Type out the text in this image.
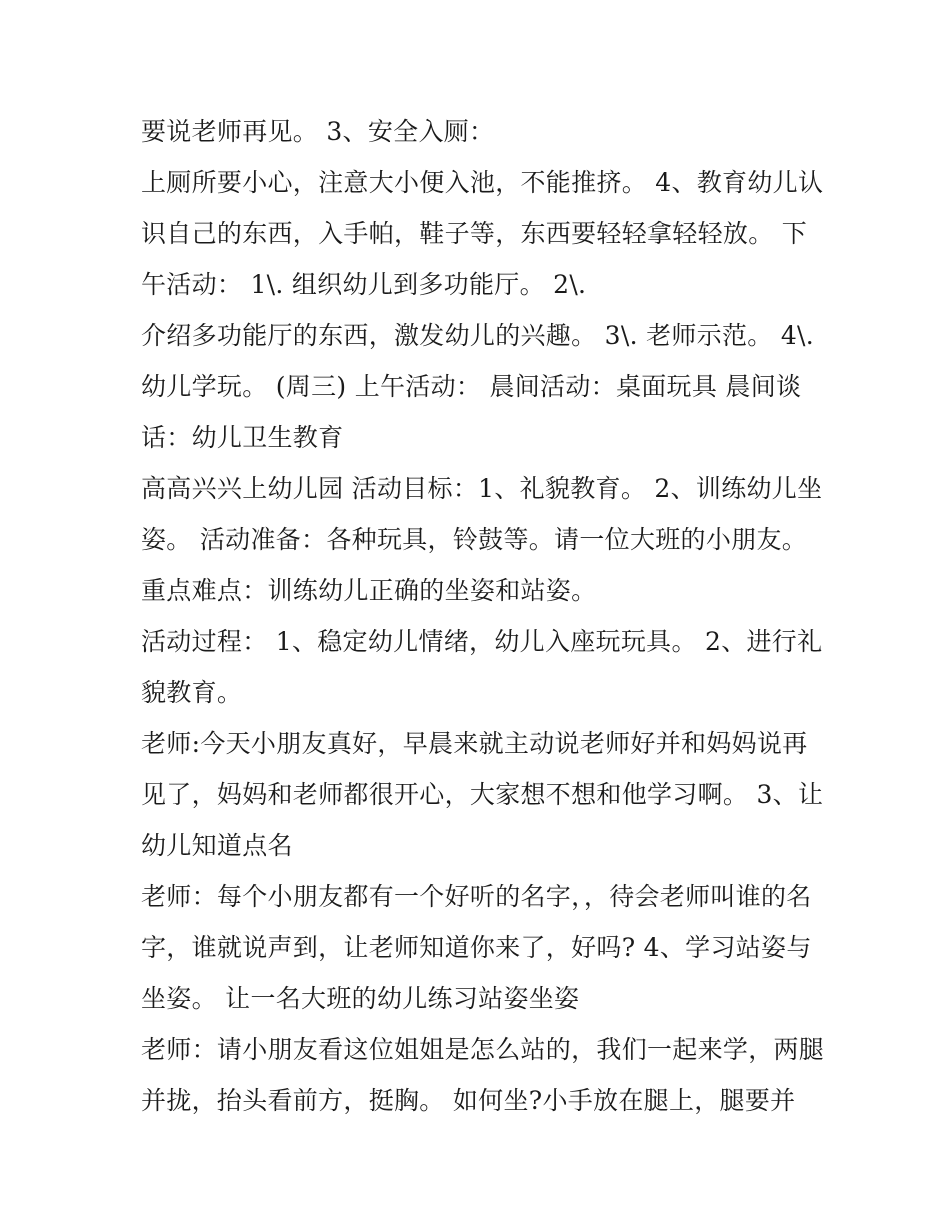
要说老师再见。 3、安全入厕：
上厕所要小心，注意大小便入池，不能推挤。 4、教育幼儿认
识自己的东西，入手帕，鞋子等，东西要轻轻拿轻轻放。 下
午活动： 1\. 组织幼儿到多功能厅。 2\.
介绍多功能厅的东西，激发幼儿的兴趣。 3\. 老师示范。 4\.
幼儿学玩。 (周三) 上午活动： 晨间活动：桌面玩具 晨间谈
话：幼儿卫生教育
高高兴兴上幼儿园 活动目标：1、礼貌教育。 2、训练幼儿坐
姿。 活动准备：各种玩具，铃鼓等。请一位大班的小朋友。
重点难点：训练幼儿正确的坐姿和站姿。
活动过程： 1、稳定幼儿情绪，幼儿入座玩玩具。 2、进行礼
貌教育。
老师:今天小朋友真好，早晨来就主动说老师好并和妈妈说再
见了，妈妈和老师都很开心，大家想不想和他学习啊。 3、让
幼儿知道点名
老师：每个小朋友都有一个好听的名字，，待会老师叫谁的名
字，谁就说声到，让老师知道你来了，好吗? 4、学习站姿与
坐姿。 让一名大班的幼儿练习站姿坐姿
老师：请小朋友看这位姐姐是怎么站的，我们一起来学，两腿
并拢，抬头看前方，挺胸。 如何坐?小手放在腿上，腿要并
